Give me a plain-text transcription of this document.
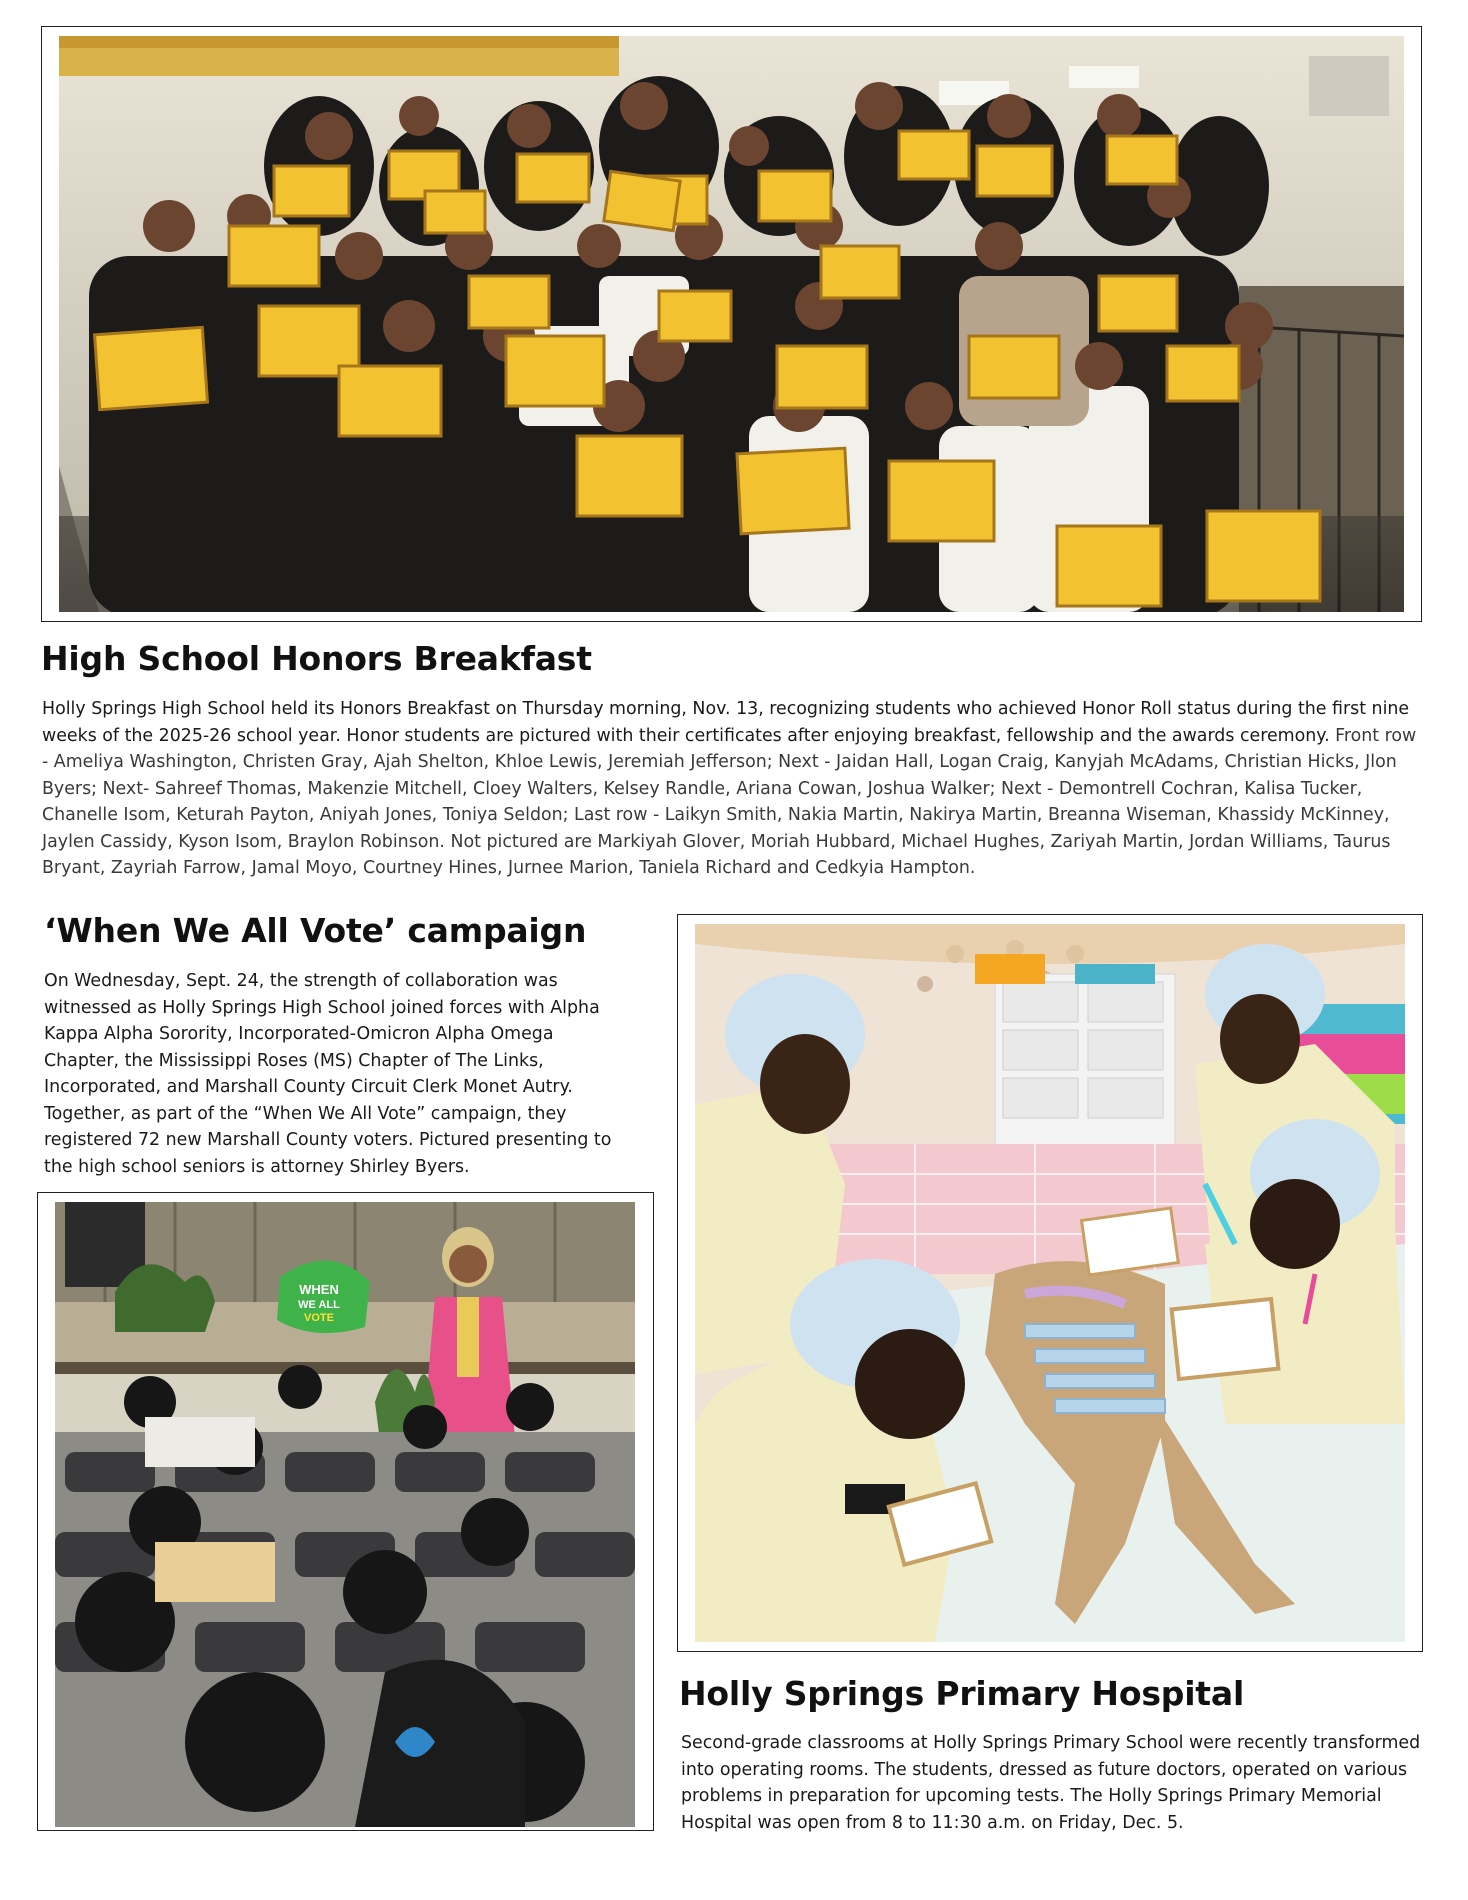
High School Honors Breakfast

Holly Springs High School held its Honors Breakfast on Thursday morning, Nov. 13, recognizing students who achieved Honor Roll status during the first nine weeks of the 2025-26 school year. Honor students are pictured with their certificates after enjoying breakfast, fellowship and the awards ceremony. Front row - Ameliya Washington, Christen Gray, Ajah Shelton, Khloe Lewis, Jeremiah Jefferson; Next - Jaidan Hall, Logan Craig, Kanyjah McAdams, Christian Hicks, Jlon Byers; Next- Sahreef Thomas, Makenzie Mitchell, Cloey Walters, Kelsey Randle, Ariana Cowan, Joshua Walker; Next - Demontrell Cochran, Kalisa Tucker, Chanelle Isom, Keturah Payton, Aniyah Jones, Toniya Seldon; Last row - Laikyn Smith, Nakia Martin, Nakirya Martin, Breanna Wiseman, Khassidy McKinney, Jaylen Cassidy, Kyson Isom, Braylon Robinson. Not pictured are Markiyah Glover, Moriah Hubbard, Michael Hughes, Zariyah Martin, Jordan Williams, Taurus Bryant, Zayriah Farrow, Jamal Moyo, Courtney Hines, Jurnee Marion, Taniela Richard and Cedkyia Hampton.

‘When We All Vote’ campaign

On Wednesday, Sept. 24, the strength of collaboration was witnessed as Holly Springs High School joined forces with Alpha Kappa Alpha Sorority, Incorporated-Omicron Alpha Omega Chapter, the Mississippi Roses (MS) Chapter of The Links, Incorporated, and Marshall County Circuit Clerk Monet Autry. Together, as part of the “When We All Vote” campaign, they registered 72 new Marshall County voters. Pictured presenting to the high school seniors is attorney Shirley Byers.

WHEN
WE ALL
VOTE
Holly Springs Primary Hospital

Second-grade classrooms at Holly Springs Primary School were recently transformed into operating rooms. The students, dressed as future doctors, operated on various problems in preparation for upcoming tests. The Holly Springs Primary Memorial Hospital was open from 8 to 11:30 a.m. on Friday, Dec. 5.
